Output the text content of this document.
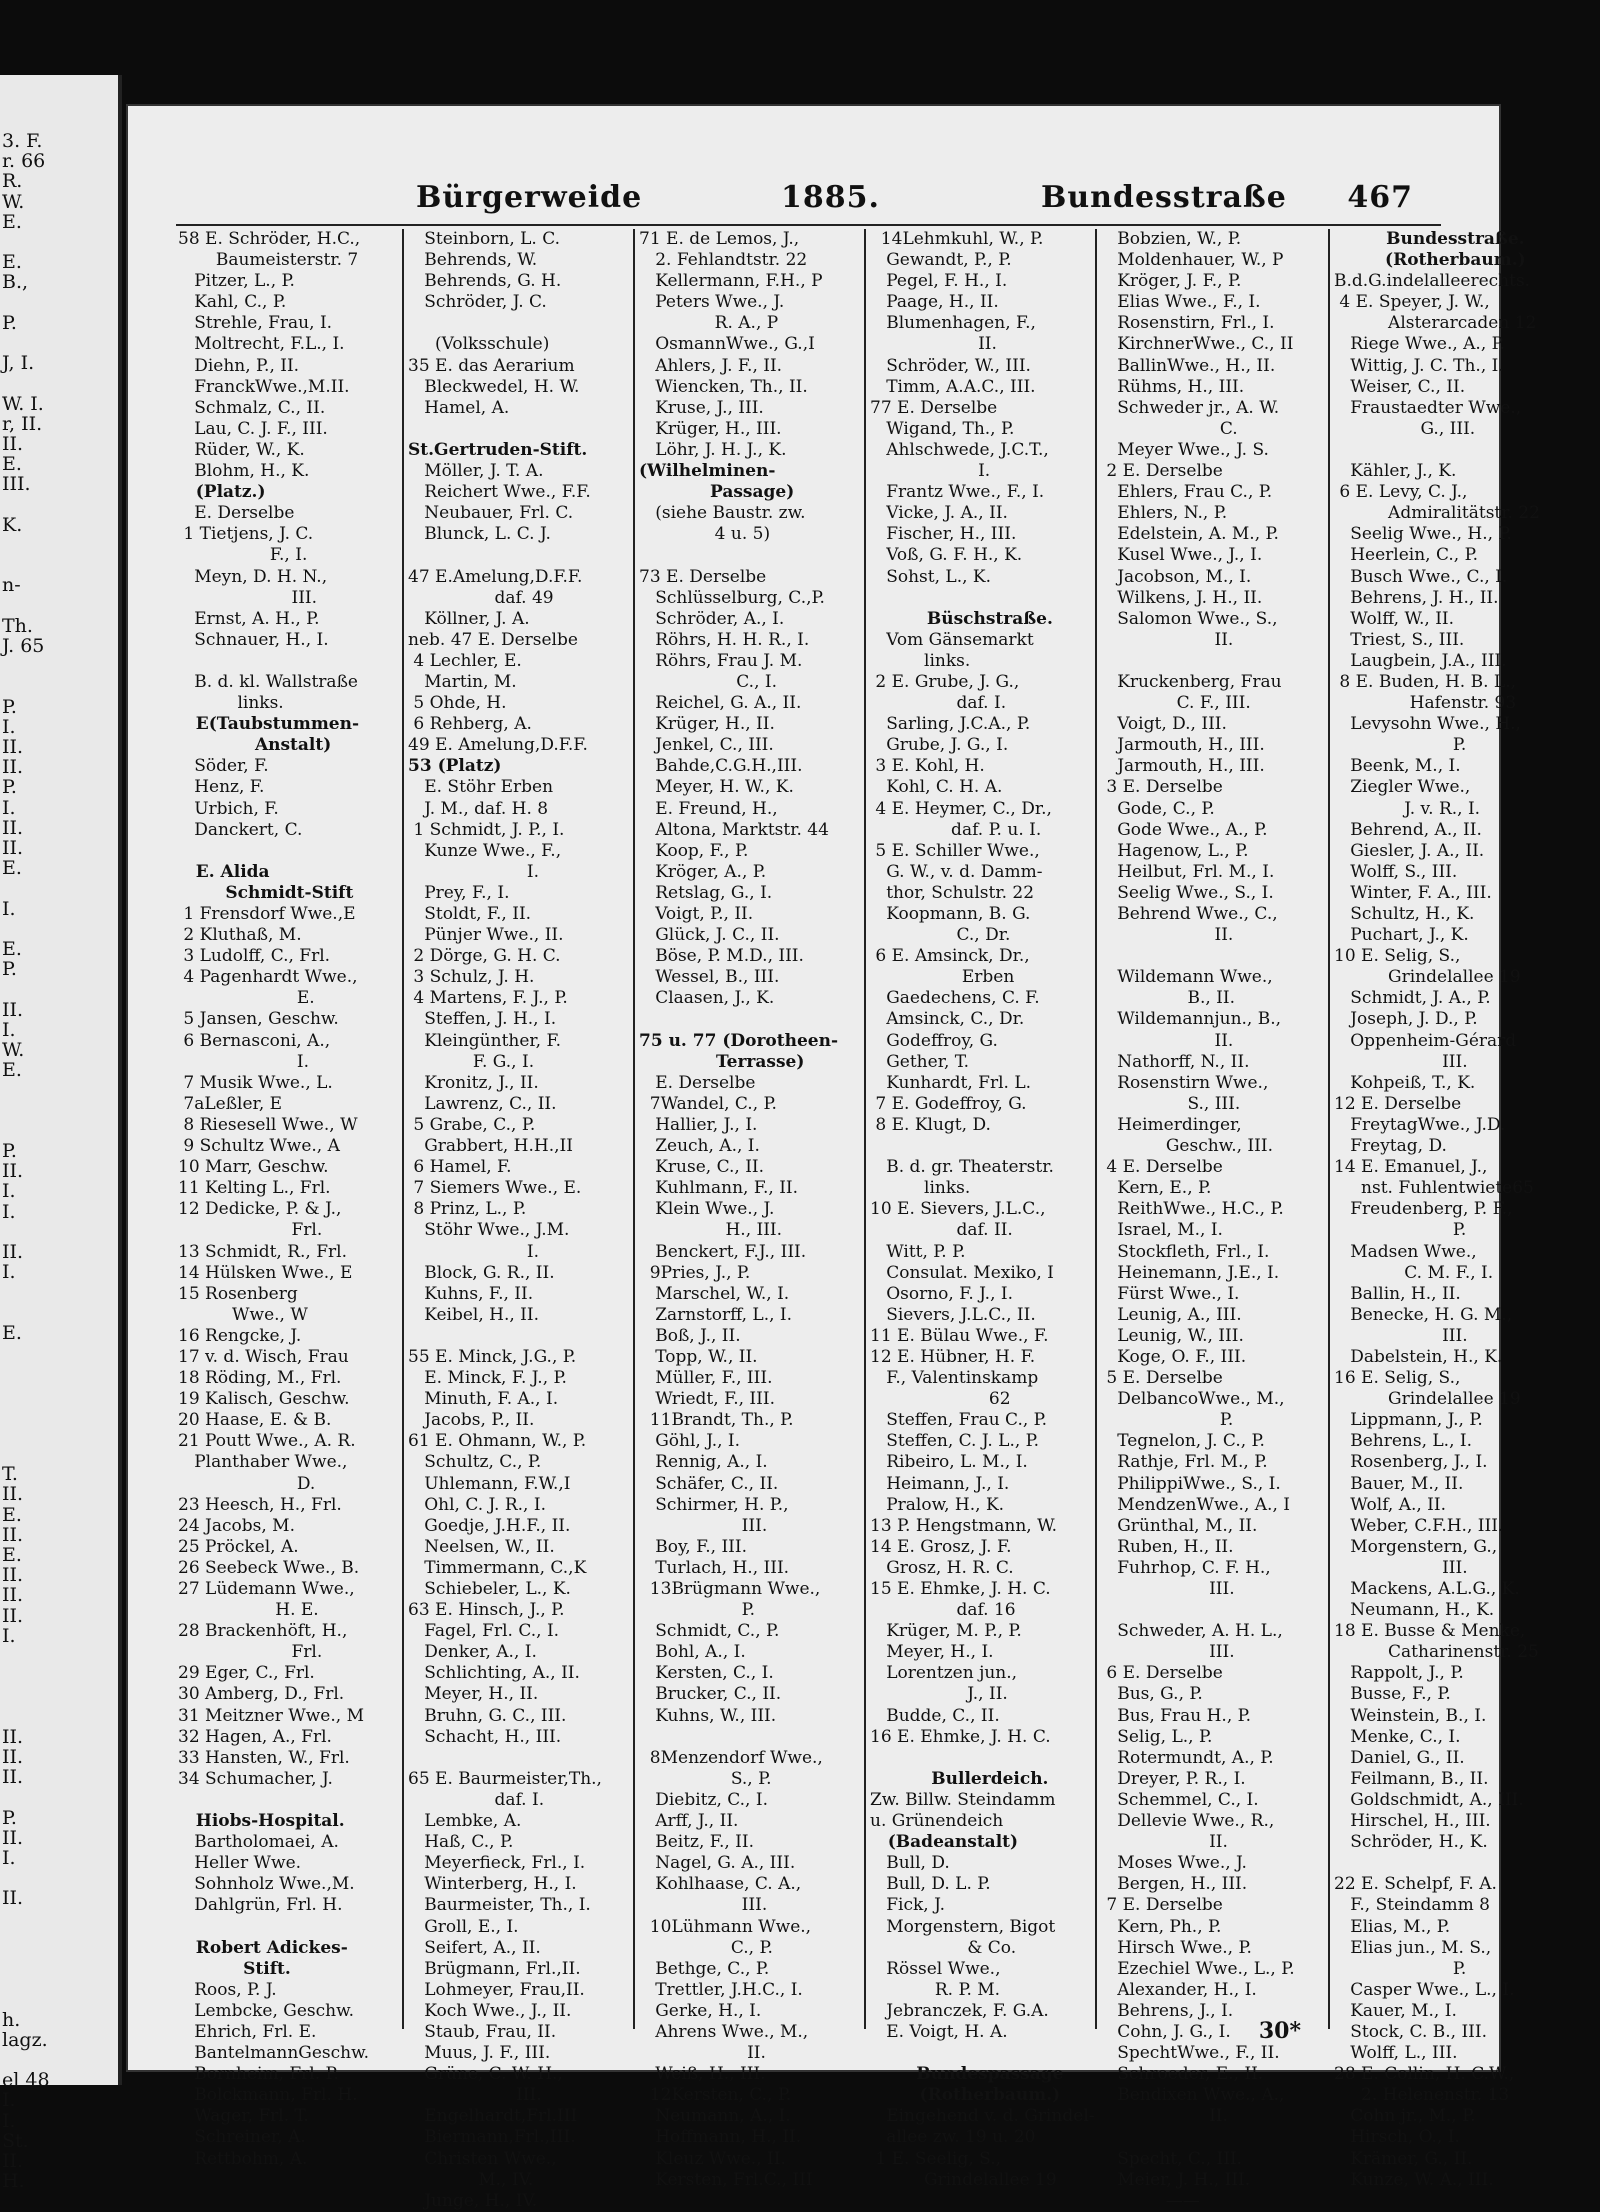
3. F.
r. 66
R.
W.
E.
E.
B.,
P.
J, I.
W. I.
r, II.
II.
E.
III.
K.
n-
Th.
J. 65
P.
I.
II.
II.
P.
I.
II.
II.
E.
I.
E.
P.
II.
I.
W.
E.
P.
II.
I.
I.
II.
I.
E.
T.
II.
E.
II.
E.
II.
II.
II.
I.
II.
II.
II.
P.
II.
I.
II.
h.
lagz.
el 48
I.
I.
St.
II.
H.
Bürgerweide	1885.	Bundesstraße 467
58 E. Schröder, H.C.,
Baumeisterstr. 7
Pitzer, L., P.
Kahl, C., P.
Strehle, Frau, I.
Moltrecht, F.L., I.
Diehn, P., II.
FranckWwe.,M.II.
Schmalz, C., II.
Lau, C. J. F., III.
Rüder, W., K.
Blohm, H., K.
(Platz.)
E. Derselbe
1 Tietjens, J. C.
F., I.
Meyn, D. H. N.,
III.
Ernst, A. H., P.
Schnauer, H., I.
B. d. kl. Wallstraße
links.
E(Taubstummen-
Anstalt)
Söder, F.
Henz, F.
Urbich, F.
Danckert, C.
E. Alida
Schmidt-Stift
1 Frensdorf Wwe.,E
2 Kluthaß, M.
3 Ludolff, C., Frl.
4 Pagenhardt Wwe.,
E.
5 Jansen, Geschw.
6 Bernasconi, A.,
I.
7 Musik Wwe., L.
7aLeßler, E
8 Riesesell Wwe., W
9 Schultz Wwe., A
10 Marr, Geschw.
11 Kelting L., Frl.
12 Dedicke, P. & J.,
Frl.
13 Schmidt, R., Frl.
14 Hülsken Wwe., E
15 Rosenberg
Wwe., W
16 Rengcke, J.
17 v. d. Wisch, Frau
18 Röding, M., Frl.
19 Kalisch, Geschw.
20 Haase, E. & B.
21 Poutt Wwe., A. R.
Planthaber Wwe.,
D.
23 Heesch, H., Frl.
24 Jacobs, M.
25 Pröckel, A.
26 Seebeck Wwe., B.
27 Lüdemann Wwe.,
H. E.
28 Brackenhöft, H.,
Frl.
29 Eger, C., Frl.
30 Amberg, D., Frl.
31 Meitzner Wwe., M
32 Hagen, A., Frl.
33 Hansten, W., Frl.
34 Schumacher, J.
Hiobs-Hospital.
Bartholomaei, A.
Heller Wwe.
Sohnholz Wwe.,M.
Dahlgrün, Frl. H.
Robert Adickes-
Stift.
Roos, P. J.
Lembcke, Geschw.
Ehrich, Frl. E.
BantelmannGeschw.
Bornheim, Frl. P.
Bolckmann, Frl. H.
Wager, Frl. T.
Schreiner, A.
Rettbohm, A.
Steinborn, L. C.
Behrends, W.
Behrends, G. H.
Schröder, J. C.
(Volksschule)
35 E. das Aerarium
Bleckwedel, H. W.
Hamel, A.
St.Gertruden-Stift.
Möller, J. T. A.
Reichert Wwe., F.F.
Neubauer, Frl. C.
Blunck, L. C. J.
47 E.Amelung,D.F.F.
daf. 49
Köllner, J. A.
neb. 47 E. Derselbe
4 Lechler, E.
Martin, M.
5 Ohde, H.
6 Rehberg, A.
49 E. Amelung,D.F.F.
53 (Platz)
E. Stöhr Erben
J. M., daf. H. 8
1 Schmidt, J. P., I.
Kunze Wwe., F.,
I.
Prey, F., I.
Stoldt, F., II.
Pünjer Wwe., II.
2 Dörge, G. H. C.
3 Schulz, J. H.
4 Martens, F. J., P.
Steffen, J. H., I.
Kleingünther, F.
F. G., I.
Kronitz, J., II.
Lawrenz, C., II.
5 Grabe, C., P.
Grabbert, H.H.,II
6 Hamel, F.
7 Siemers Wwe., E.
8 Prinz, L., P.
Stöhr Wwe., J.M.
I.
Block, G. R., II.
Kuhns, F., II.
Keibel, H., II.
55 E. Minck, J.G., P.
E. Minck, F. J., P.
Minuth, F. A., I.
Jacobs, P., II.
61 E. Ohmann, W., P.
Schultz, C., P.
Uhlemann, F.W.,I
Ohl, C. J. R., I.
Goedje, J.H.F., II.
Neelsen, W., II.
Timmermann, C.,K
Schiebeler, L., K.
63 E. Hinsch, J., P.
Fagel, Frl. C., I.
Denker, A., I.
Schlichting, A., II.
Meyer, H., II.
Bruhn, G. C., III.
Schacht, H., III.
65 E. Baurmeister,Th.,
daf. I.
Lembke, A.
Haß, C., P.
Meyerfieck, Frl., I.
Winterberg, H., I.
Baurmeister, Th., I.
Groll, E., I.
Seifert, A., II.
Brügmann, Frl.,II.
Lohmeyer, Frau,II.
Koch Wwe., J., II.
Staub, Frau, II.
Muus, J. F., III.
Grüne, C. W. H.,
III.
Engelhardt,Frl.III
Biermann,Frl.,III.
Christen Wwe.,
M., IV.
Junge, H., IV.
71 E. de Lemos, J.,
2. Fehlandtstr. 22
Kellermann, F.H., P
Peters Wwe., J.
R. A., P
OsmannWwe., G.,I
Ahlers, J. F., II.
Wiencken, Th., II.
Kruse, J., III.
Krüger, H., III.
Löhr, J. H. J., K.
(Wilhelminen-
Passage)
(siehe Baustr. zw.
4 u. 5)
73 E. Derselbe
Schlüsselburg, C.,P.
Schröder, A., I.
Röhrs, H. H. R., I.
Röhrs, Frau J. M.
C., I.
Reichel, G. A., II.
Krüger, H., II.
Jenkel, C., III.
Bahde,C.G.H.,III.
Meyer, H. W., K.
E. Freund, H.,
Altona, Marktstr. 44
Koop, F., P.
Kröger, A., P.
Retslag, G., I.
Voigt, P., II.
Glück, J. C., II.
Böse, P. M.D., III.
Wessel, B., III.
Claasen, J., K.
75 u. 77 (Dorotheen-
Terrasse)
E. Derselbe
7Wandel, C., P.
Hallier, J., I.
Zeuch, A., I.
Kruse, C., II.
Kuhlmann, F., II.
Klein Wwe., J.
H., III.
Benckert, F.J., III.
9Pries, J., P.
Marschel, W., I.
Zarnstorff, L., I.
Boß, J., II.
Topp, W., II.
Müller, F., III.
Wriedt, F., III.
11Brandt, Th., P.
Göhl, J., I.
Rennig, A., I.
Schäfer, C., II.
Schirmer, H. P.,
III.
Boy, F., III.
Turlach, H., III.
13Brügmann Wwe.,
P.
Schmidt, C., P.
Bohl, A., I.
Kersten, C., I.
Brucker, C., II.
Kuhns, W., III.
8Menzendorf Wwe.,
S., P.
Diebitz, C., I.
Arff, J., II.
Beitz, F., II.
Nagel, G. A., III.
Kohlhaase, C. A.,
III.
10Lühmann Wwe.,
C., P.
Bethge, C., P.
Trettler, J.H.C., I.
Gerke, H., I.
Ahrens Wwe., M.,
II.
Weiß, H., III.
12Kersten, C., P.
Neumann, A., I.
Hoffmann, H., II.
Kleuz Wwe., II.
Kersten, Frl.C., III
14Lehmkuhl, W., P.
Gewandt, P., P.
Pegel, F. H., I.
Paage, H., II.
Blumenhagen, F.,
II.
Schröder, W., III.
Timm, A.A.C., III.
77 E. Derselbe
Wigand, Th., P.
Ahlschwede, J.C.T.,
I.
Frantz Wwe., F., I.
Vicke, J. A., II.
Fischer, H., III.
Voß, G. F. H., K.
Sohst, L., K.
Büschstraße.
Vom Gänsemarkt
links.
2 E. Grube, J. G.,
daf. I.
Sarling, J.C.A., P.
Grube, J. G., I.
3 E. Kohl, H.
Kohl, C. H. A.
4 E. Heymer, C., Dr.,
daf. P. u. I.
5 E. Schiller Wwe.,
G. W., v. d. Damm-
thor, Schulstr. 22
Koopmann, B. G.
C., Dr.
6 E. Amsinck, Dr.,
Erben
Gaedechens, C. F.
Amsinck, C., Dr.
Godeffroy, G.
Gether, T.
Kunhardt, Frl. L.
7 E. Godeffroy, G.
8 E. Klugt, D.
B. d. gr. Theaterstr.
links.
10 E. Sievers, J.L.C.,
daf. II.
Witt, P. P.
Consulat. Mexiko, I
Osorno, F. J., I.
Sievers, J.L.C., II.
11 E. Bülau Wwe., F.
12 E. Hübner, H. F.
F., Valentinskamp
62
Steffen, Frau C., P.
Steffen, C. J. L., P.
Ribeiro, L. M., I.
Heimann, J., I.
Pralow, H., K.
13 P. Hengstmann, W.
14 E. Grosz, J. F.
Grosz, H. R. C.
15 E. Ehmke, J. H. C.
daf. 16
Krüger, M. P., P.
Meyer, H., I.
Lorentzen jun.,
J., II.
Budde, C., II.
16 E. Ehmke, J. H. C.
Bullerdeich.
Zw. Billw. Steindamm
u. Grünendeich
(Badeanstalt)
Bull, D.
Bull, D. L. P.
Fick, J.
Morgenstern, Bigot
& Co.
Rössel Wwe.,
R. P. M.
Jebranczek, F. G.A.
E. Voigt, H. A.
Bundespassage
(Rotherbaum.)
Eingehend v. d. Grindel-
allee zw. 19 u. 20
1 E. Seelig, S.,
Grindelallee 19
Bobzien, W., P.
Moldenhauer, W., P
Kröger, J. F., P.
Elias Wwe., F., I.
Rosenstirn, Frl., I.
KirchnerWwe., C., II
BallinWwe., H., II.
Rühms, H., III.
Schweder jr., A. W.
C.
Meyer Wwe., J. S.
2 E. Derselbe
Ehlers, Frau C., P.
Ehlers, N., P.
Edelstein, A. M., P.
Kusel Wwe., J., I.
Jacobson, M., I.
Wilkens, J. H., II.
Salomon Wwe., S.,
II.
Kruckenberg, Frau
C. F., III.
Voigt, D., III.
Jarmouth, H., III.
Jarmouth, H., III.
3 E. Derselbe
Gode, C., P.
Gode Wwe., A., P.
Hagenow, L., P.
Heilbut, Frl. M., I.
Seelig Wwe., S., I.
Behrend Wwe., C.,
II.
Wildemann Wwe.,
B., II.
Wildemannjun., B.,
II.
Nathorff, N., II.
Rosenstirn Wwe.,
S., III.
Heimerdinger,
Geschw., III.
4 E. Derselbe
Kern, E., P.
ReithWwe., H.C., P.
Israel, M., I.
Stockfleth, Frl., I.
Heinemann, J.E., I.
Fürst Wwe., I.
Leunig, A., III.
Leunig, W., III.
Koge, O. F., III.
5 E. Derselbe
DelbancoWwe., M.,
P.
Tegnelon, J. C., P.
Rathje, Frl. M., P.
PhilippiWwe., S., I.
MendzenWwe., A., I
Grünthal, M., II.
Ruben, H., II.
Fuhrhop, C. F. H.,
III.
Schweder, A. H. L.,
III.
6 E. Derselbe
Bus, G., P.
Bus, Frau H., P.
Selig, L., P.
Rotermundt, A., P.
Dreyer, P. R., I.
Schemmel, C., I.
Dellevie Wwe., R.,
II.
Moses Wwe., J.
Bergen, H., III.
7 E. Derselbe
Kern, Ph., P.
Hirsch Wwe., P.
Ezechiel Wwe., L., P.
Alexander, H., I.
Behrens, J., I.
Cohn, J. G., I.
SpechtWwe., F., II.
Schroeder, E., II.
Bendixen Wwe., A.,
II.
Specht, C., III.
Meier, J. H., III.
——
Bundesstraße.
(Rotherbaum.)
B.d.G.indelalleerechts.
4 E. Speyer, J. W.,
Alsterarcaden 12
Riege Wwe., A., P.
Wittig, J. C. Th., I.
Weiser, C., II.
Fraustaedter Wwe.,
G., III.
Kähler, J., K.
6 E. Levy, C. J.,
Admiralitätstr. 22
Seelig Wwe., H., P.
Heerlein, C., P.
Busch Wwe., C., I.
Behrens, J. H., II.
Wolff, W., II.
Triest, S., III.
Laugbein, J.A., III.
8 E. Buden, H. B. L.,
Hafenstr. 93
Levysohn Wwe., H.,
P.
Beenk, M., I.
Ziegler Wwe.,
J. v. R., I.
Behrend, A., II.
Giesler, J. A., II.
Wolff, S., III.
Winter, F. A., III.
Schultz, H., K.
Puchart, J., K.
10 E. Selig, S.,
Grindelallee 19
Schmidt, J. A., P.
Joseph, J. D., P.
Oppenheim-Gérard
III.
Kohpeiß, T., K.
12 E. Derselbe
FreytagWwe., J.D.
Freytag, D.
14 E. Emanuel, J.,
nst. Fuhlentwiete65
Freudenberg, P. F.,
P.
Madsen Wwe.,
C. M. F., I.
Ballin, H., II.
Benecke, H. G. M.,
III.
Dabelstein, H., K.
16 E. Selig, S.,
Grindelallee 19
Lippmann, J., P.
Behrens, L., I.
Rosenberg, J., I.
Bauer, M., II.
Wolf, A., II.
Weber, C.F.H., III.
Morgenstern, G.,
III.
Mackens, A.L.G., K.
Neumann, H., K.
18 E. Busse & Menke,
Catharinenstr. 25
Rappolt, J., P.
Busse, F., P.
Weinstein, B., I.
Menke, C., I.
Daniel, G., II.
Feilmann, B., II.
Goldschmidt, A., III.
Hirschel, H., III.
Schröder, H., K.
22 E. Schelpf, F. A.
F., Steindamm 8
Elias, M., P.
Elias jun., M. S.,
P.
Casper Wwe., L., I.
Kauer, M., I.
Stock, C. B., III.
Wolff, L., III.
28 E. Collin, H. C.W.,
2. Helenenstr. 13
Cohn jr., M., P.
Hirsch, O., I.
Krämer, G., II.
Kunze, W. A., III.
30*
